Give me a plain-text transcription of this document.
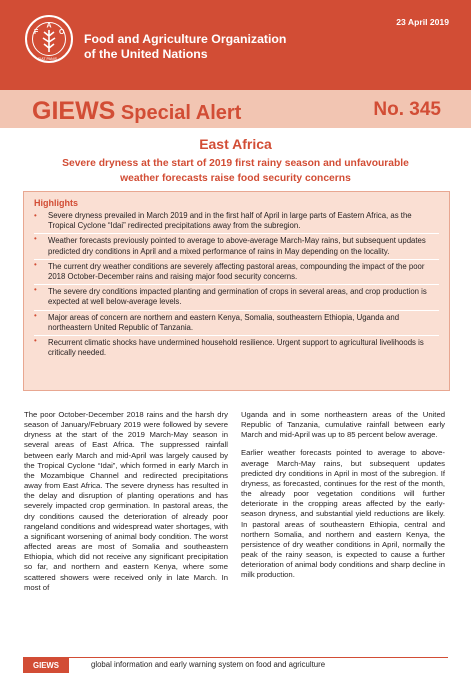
F
A
O
FIAT PANIS
Food and Agriculture Organization
of the United Nations
23 April 2019
GIEWS Special Alert	No. 345
East Africa
Severe dryness at the start of 2019 first rainy season and unfavourable
weather forecasts raise food security concerns
Highlights
• Severe dryness prevailed in March 2019 and in the first half of April in large parts of Eastern Africa, as the Tropical Cyclone “Idai” redirected precipitations away from the subregion.
• Weather forecasts previously pointed to average to above-average March-May rains, but subsequent updates predicted dry conditions in April and a mixed performance of rains in May depending on the locality.
• The current dry weather conditions are severely affecting pastoral areas, compounding the impact of the poor 2018 October-December rains and raising major food security concerns.
• The severe dry conditions impacted planting and germination of crops in several areas, and crop production is expected at well below-average levels.
• Major areas of concern are northern and eastern Kenya, Somalia, southeastern Ethiopia, Uganda and northeastern United Republic of Tanzania.
• Recurrent climatic shocks have undermined household resilience. Urgent support to agricultural livelihoods is critically needed.

The poor October-December 2018 rains and the harsh dry season of January/February 2019 were followed by severe dryness at the start of the 2019 March-May season in several areas of East Africa. The suppressed rainfall between early March and mid-April was largely caused by the Tropical Cyclone “Idai”, which formed in early March in the Mozambique Channel and redirected precipitations away from East Africa. The severe dryness has resulted in the delay and disruption of planting operations and has severely impacted crop germination. In pastoral areas, the dry conditions caused the deterioration of already poor rangeland conditions and widespread water shortages, with a significant worsening of animal body condition. The worst affected areas are most of Somalia and southeastern Ethiopia, which did not receive any significant precipitation so far, and northern and eastern Kenya, where some scattered showers were received only in late March. In most of

Uganda and in some northeastern areas of the United Republic of Tanzania, cumulative rainfall between early March and mid-April was up to 85 percent below average.

Earlier weather forecasts pointed to average to above-average March-May rains, but subsequent updates predicted dry conditions in April in most of the subregion. If dryness, as forecasted, continues for the rest of the month, the already poor vegetation conditions will further deteriorate in the cropping areas affected by the early-season dryness, and substantial yield reductions are likely. In pastoral areas of southeastern Ethiopia, central and northern Somalia, and northern and eastern Kenya, the persistence of dry weather conditions in April, normally the peak of the rainy season, is expected to cause a further deterioration of animal body conditions and sharp decline in milk production.

GIEWS	global information and early warning system on food and agriculture
